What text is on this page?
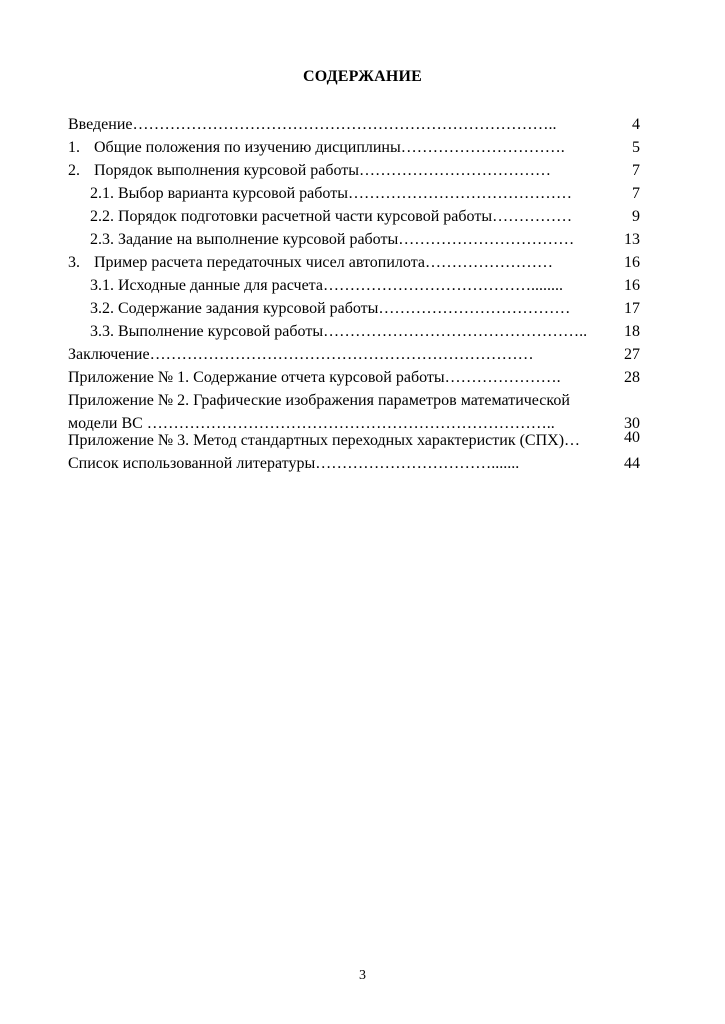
СОДЕРЖАНИЕ
Введение……………………………………………………………………..	4
1. Общие положения по изучению дисциплины………………………….	5
2. Порядок выполнения курсовой работы………………………………	7
2.1. Выбор варианта курсовой работы……………………………………	7
2.2. Порядок подготовки расчетной части курсовой работы……………	9
2.3. Задание на выполнение курсовой работы……………………………	13
3. Пример расчета передаточных чисел автопилота……………………	16
3.1. Исходные данные для расчета…………………………………........	16
3.2. Содержание задания курсовой работы………………………………	17
3.3. Выполнение курсовой работы…………………………………………..	18
Заключение………………………………………………………………	27
Приложение № 1. Содержание отчета курсовой работы………………….	28
Приложение № 2. Графические изображения параметров математической
модели ВС …………………………………………………………………..	30
Приложение № 3. Метод стандартных переходных характеристик (СПХ)…	40
Список использованной литературы…………………………….......	44
3
